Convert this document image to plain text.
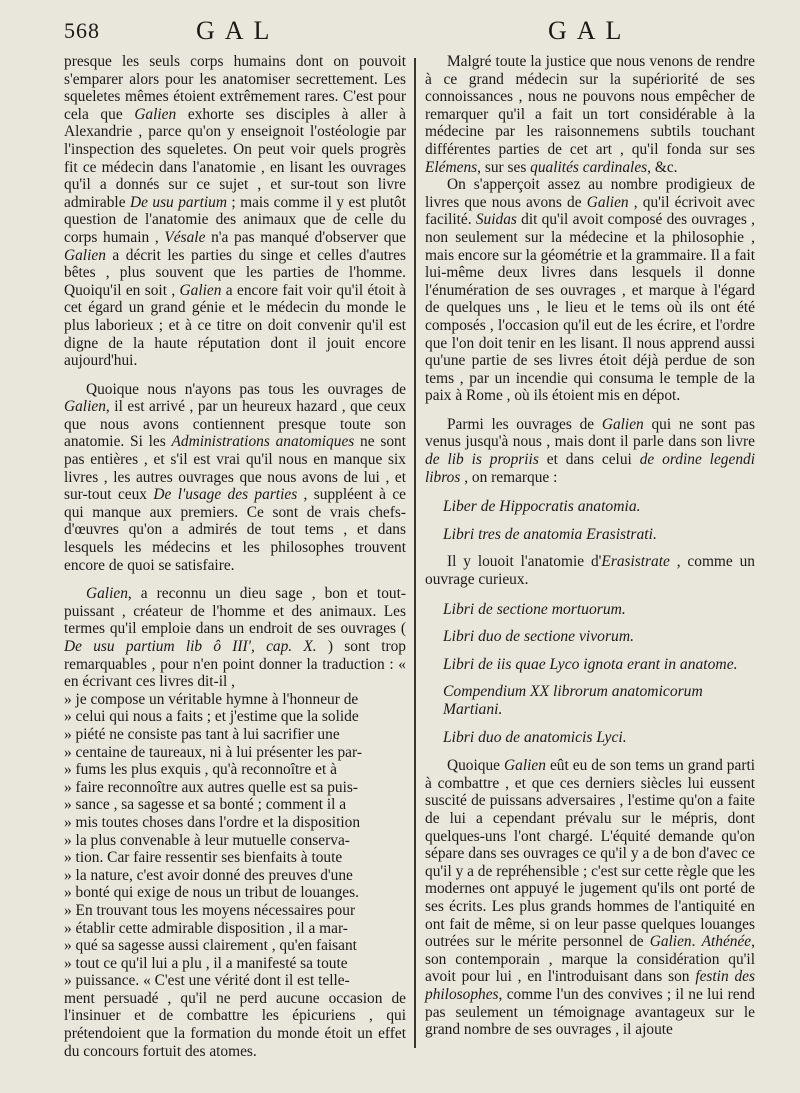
568	GAL	GAL

presque les seuls corps humains dont on pouvoit s'emparer alors pour les anatomiser secrettement. Les squeletes mêmes étoient extrêmement rares. C'est pour cela que Galien exhorte ses disciples à aller à Alexandrie , parce qu'on y enseignoit l'ostéologie par l'inspection des squeletes. On peut voir quels progrès fit ce médecin dans l'anatomie , en lisant les ouvrages qu'il a donnés sur ce sujet , et sur-tout son livre admirable De usu partium ; mais comme il y est plutôt question de l'anatomie des animaux que de celle du corps humain , Vésale n'a pas manqué d'observer que Galien a décrit les parties du singe et celles d'autres bêtes , plus souvent que les parties de l'homme. Quoiqu'il en soit , Galien a encore fait voir qu'il étoit à cet égard un grand génie et le médecin du monde le plus laborieux ; et à ce titre on doit convenir qu'il est digne de la haute réputation dont il jouit encore aujourd'hui.

Quoique nous n'ayons pas tous les ouvrages de Galien, il est arrivé , par un heureux hazard , que ceux que nous avons contiennent presque toute son anatomie. Si les Administrations anatomiques ne sont pas entières , et s'il est vrai qu'il nous en manque six livres , les autres ouvrages que nous avons de lui , et sur-tout ceux De l'usage des parties , suppléent à ce qui manque aux premiers. Ce sont de vrais chefs-d'œuvres qu'on a admirés de tout tems , et dans lesquels les médecins et les philosophes trouvent encore de quoi se satisfaire.

Galien, a reconnu un dieu sage , bon et tout-puissant , créateur de l'homme et des animaux. Les termes qu'il emploie dans un endroit de ses ouvrages ( De usu partium lib ô III', cap. X. ) sont trop remarquables , pour n'en point donner la traduction : « en écrivant ces livres dit-il ,

» je compose un véritable hymne à l'honneur de

» celui qui nous a faits ; et j'estime que la solide

» piété ne consiste pas tant à lui sacrifier une

» centaine de taureaux, ni à lui présenter les par-

» fums les plus exquis , qu'à reconnoître et à

» faire reconnoître aux autres quelle est sa puis-

» sance , sa sagesse et sa bonté ; comment il a

» mis toutes choses dans l'ordre et la disposition

» la plus convenable à leur mutuelle conserva-

» tion. Car faire ressentir ses bienfaits à toute

» la nature, c'est avoir donné des preuves d'une

» bonté qui exige de nous un tribut de louanges.

» En trouvant tous les moyens nécessaires pour

» établir cette admirable disposition , il a mar-

» qué sa sagesse aussi clairement , qu'en faisant

» tout ce qu'il lui a plu , il a manifesté sa toute

» puissance. « C'est une vérité dont il est telle-

ment persuadé , qu'il ne perd aucune occasion de l'insinuer et de combattre les épicuriens , qui prétendoient que la formation du monde étoit un effet du concours fortuit des atomes.

Malgré toute la justice que nous venons de rendre à ce grand médecin sur la supériorité de ses connoissances , nous ne pouvons nous empêcher de remarquer qu'il a fait un tort considérable à la médecine par les raisonnemens subtils touchant différentes parties de cet art , qu'il fonda sur ses Elémens, sur ses qualités cardinales, &c.

On s'apperçoit assez au nombre prodigieux de livres que nous avons de Galien , qu'il écrivoit avec facilité. Suidas dit qu'il avoit composé des ouvrages , non seulement sur la médecine et la philosophie , mais encore sur la géométrie et la grammaire. Il a fait lui-même deux livres dans lesquels il donne l'énumération de ses ouvrages , et marque à l'égard de quelques uns , le lieu et le tems où ils ont été composés , l'occasion qu'il eut de les écrire, et l'ordre que l'on doit tenir en les lisant. Il nous apprend aussi qu'une partie de ses livres étoit déjà perdue de son tems , par un incendie qui consuma le temple de la paix à Rome , où ils étoient mis en dépot.

Parmi les ouvrages de Galien qui ne sont pas venus jusqu'à nous , mais dont il parle dans son livre de lib is propriis et dans celui de ordine legendi libros , on remarque :

Liber de Hippocratis anatomia.

Libri tres de anatomia Erasistrati.

Il y louoit l'anatomie d'Erasistrate , comme un ouvrage curieux.

Libri de sectione mortuorum.

Libri duo de sectione vivorum.

Libri de iis quae Lyco ignota erant in anatome.

Compendium XX librorum anatomicorum Martiani.

Libri duo de anatomicis Lyci.

Quoique Galien eût eu de son tems un grand parti à combattre , et que ces derniers siècles lui eussent suscité de puissans adversaires , l'estime qu'on a faite de lui a cependant prévalu sur le mépris, dont quelques-uns l'ont chargé. L'équité demande qu'on sépare dans ses ouvrages ce qu'il y a de bon d'avec ce qu'il y a de repréhensible ; c'est sur cette règle que les modernes ont appuyé le jugement qu'ils ont porté de ses écrits. Les plus grands hommes de l'antiquité en ont fait de même, si on leur passe quelques louanges outrées sur le mérite personnel de Galien. Athénée, son contemporain , marque la considération qu'il avoit pour lui , en l'introduisant dans son festin des philosophes, comme l'un des convives ; il ne lui rend pas seulement un témoignage avantageux sur le grand nombre de ses ouvrages , il ajoute
